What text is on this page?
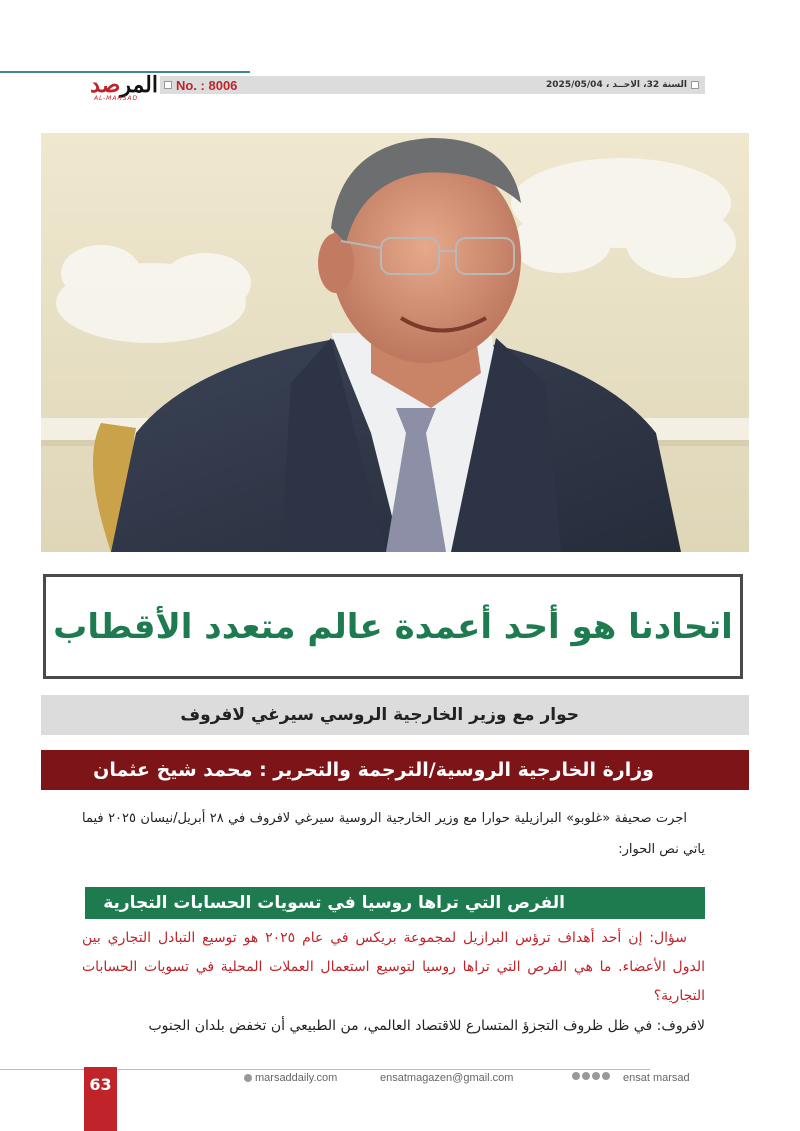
المرصد
AL-MARSAD
No. : 8006	السنة 32، الاحــد ، 2025/05/04
اتحادنا هو أحد أعمدة عالم متعدد الأقطاب
حوار مع وزير الخارجية الروسي سيرغي لافروف
وزارة الخارجية الروسية/الترجمة والتحرير : محمد شيخ عثمان
اجرت صحيفة «غلوبو» البرازيلية حوارا مع وزير الخارجية الروسية سيرغي لافروف في ٢٨ أبريل/نيسان ٢٠٢٥ فيما ياتي نص الحوار:
الفرص التي تراها روسيا في تسويات الحسابات التجارية
سؤال: إن أحد أهداف ترؤس البرازيل لمجموعة بريكس في عام ٢٠٢٥ هو توسيع التبادل التجاري بين الدول الأعضاء. ما هي الفرص التي تراها روسيا لتوسيع استعمال العملات المحلية في تسويات الحسابات التجارية؟
لافروف: في ظل ظروف التجزؤ المتسارع للاقتصاد العالمي، من الطبيعي أن تخفض بلدان الجنوب
63	marsaddaily.com	ensatmagazen@gmail.com	ensat marsad
